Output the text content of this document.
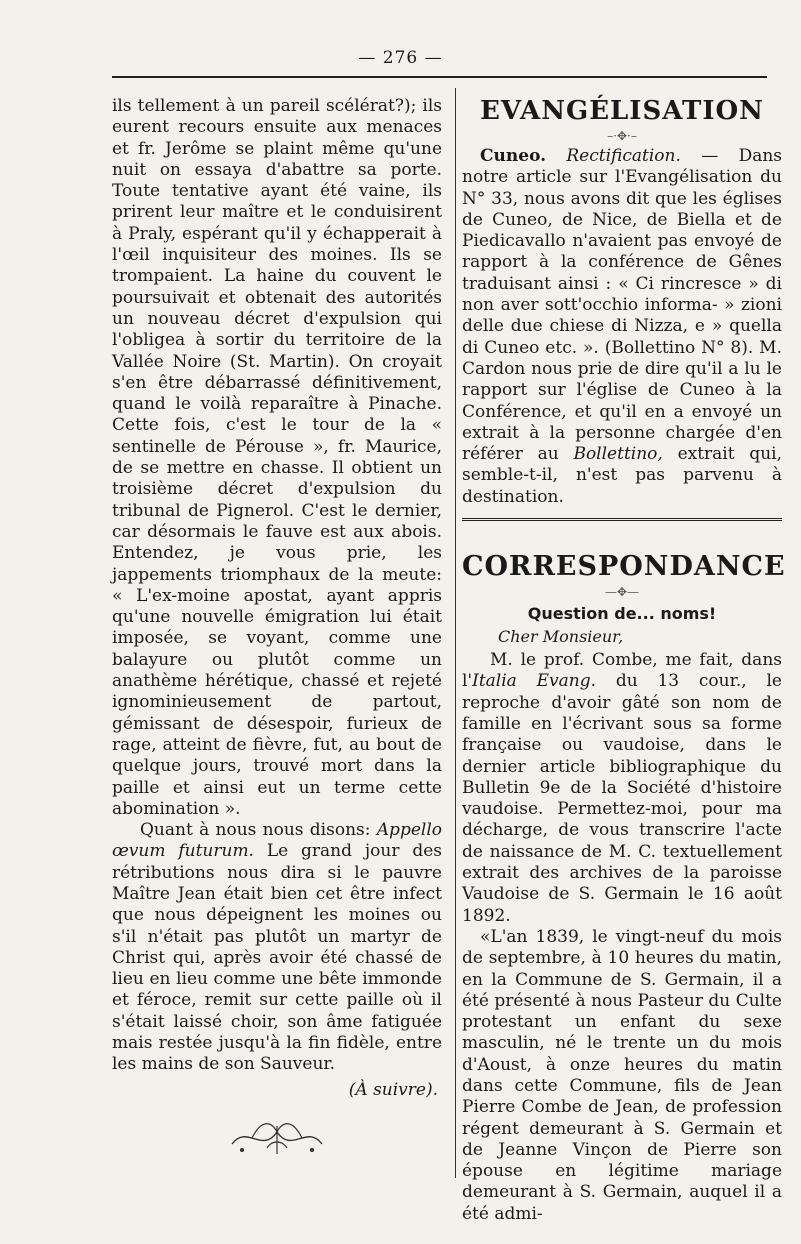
— 276 —

ils tellement à un pareil scélérat?); ils eurent recours ensuite aux menaces et fr. Jerôme se plaint même qu'une nuit on essaya d'abattre sa porte. Toute tentative ayant été vaine, ils prirent leur maître et le conduisirent à Praly, espérant qu'il y échapperait à l'œil inquisiteur des moines. Ils se trompaient. La haine du couvent le poursuivait et obtenait des autorités un nouveau décret d'expulsion qui l'obligea à sortir du territoire de la Vallée Noire (St. Martin). On croyait s'en être débarrassé définitivement, quand le voilà reparaître à Pinache. Cette fois, c'est le tour de la « sentinelle de Pérouse », fr. Maurice, de se mettre en chasse. Il obtient un troisième décret d'expulsion du tribunal de Pignerol. C'est le dernier, car désormais le fauve est aux abois. Entendez, je vous prie, les jappements triomphaux de la meute: « L'ex-moine apostat, ayant appris qu'une nouvelle émigration lui était imposée, se voyant, comme une balayure ou plutôt comme un anathème hérétique, chassé et rejeté ignominieusement de partout, gémissant de désespoir, furieux de rage, atteint de fièvre, fut, au bout de quelque jours, trouvé mort dans la paille et ainsi eut un terme cette abomination ».

Quant à nous nous disons: Appello œvum futurum. Le grand jour des rétributions nous dira si le pauvre Maître Jean était bien cet être infect que nous dépeignent les moines ou s'il n'était pas plutôt un martyr de Christ qui, après avoir été chassé de lieu en lieu comme une bête immonde et féroce, remit sur cette paille où il s'était laissé choir, son âme fatiguée mais restée jusqu'à la fin fidèle, entre les mains de son Sauveur.

(À suivre).

EVANGÉLISATION
–·✥·–

Cuneo. Rectification. — Dans notre article sur l'Evangélisation du N° 33, nous avons dit que les églises de Cuneo, de Nice, de Biella et de Piedicavallo n'avaient pas envoyé de rapport à la conférence de Gênes traduisant ainsi : « Ci rincresce » di non aver sott'occhio informa- » zioni delle due chiese di Nizza, e » quella di Cuneo etc. ». (Bollettino N° 8). M. Cardon nous prie de dire qu'il a lu le rapport sur l'église de Cuneo à la Conférence, et qu'il en a envoyé un extrait à la personne chargée d'en référer au Bollettino, extrait qui, semble-t-il, n'est pas parvenu à destination.

CORRESPONDANCE
—✥—
Question de... noms!
Cher Monsieur,

M. le prof. Combe, me fait, dans l'Italia Evang. du 13 cour., le reproche d'avoir gâté son nom de famille en l'écrivant sous sa forme française ou vaudoise, dans le dernier article bibliographique du Bulletin 9e de la Société d'histoire vaudoise. Permettez-moi, pour ma décharge, de vous transcrire l'acte de naissance de M. C. textuellement extrait des archives de la paroisse Vaudoise de S. Germain le 16 août 1892.

«L'an 1839, le vingt-neuf du mois de septembre, à 10 heures du matin, en la Commune de S. Germain, il a été présenté à nous Pasteur du Culte protestant un enfant du sexe masculin, né le trente un du mois d'Aoust, à onze heures du matin dans cette Commune, fils de Jean Pierre Combe de Jean, de profession régent demeurant à S. Germain et de Jeanne Vinçon de Pierre son épouse en légitime mariage demeurant à S. Germain, auquel il a été admi-
